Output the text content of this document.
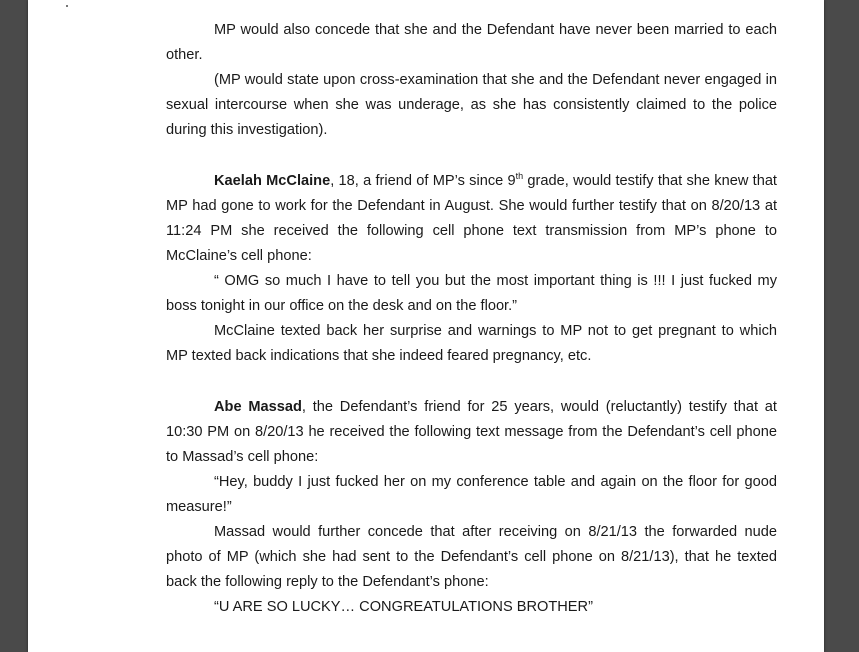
MP would also concede that she and the Defendant have never been married to each other.

(MP would state upon cross-examination that she and the Defendant never engaged in sexual intercourse when she was underage, as she has consistently claimed to the police during this investigation).

Kaelah McClaine, 18, a friend of MP’s since 9th grade, would testify that she knew that MP had gone to work for the Defendant in August. She would further testify that on 8/20/13 at 11:24 PM she received the following cell phone text transmission from MP’s phone to McClaine’s cell phone:

“ OMG so much I have to tell you but the most important thing is !!! I just fucked my boss tonight in our office on the desk and on the floor.”

McClaine texted back her surprise and warnings to MP not to get pregnant to which MP texted back indications that she indeed feared pregnancy, etc.

Abe Massad, the Defendant’s friend for 25 years, would (reluctantly) testify that at 10:30 PM on 8/20/13 he received the following text message from the Defendant’s cell phone to Massad’s cell phone:

“Hey, buddy I just fucked her on my conference table and again on the floor for good measure!”

Massad would further concede that after receiving on 8/21/13 the forwarded nude photo of MP (which she had sent to the Defendant’s cell phone on 8/21/13), that he texted back the following reply to the Defendant’s phone:

“U ARE SO LUCKY… CONGREATULATIONS BROTHER”
